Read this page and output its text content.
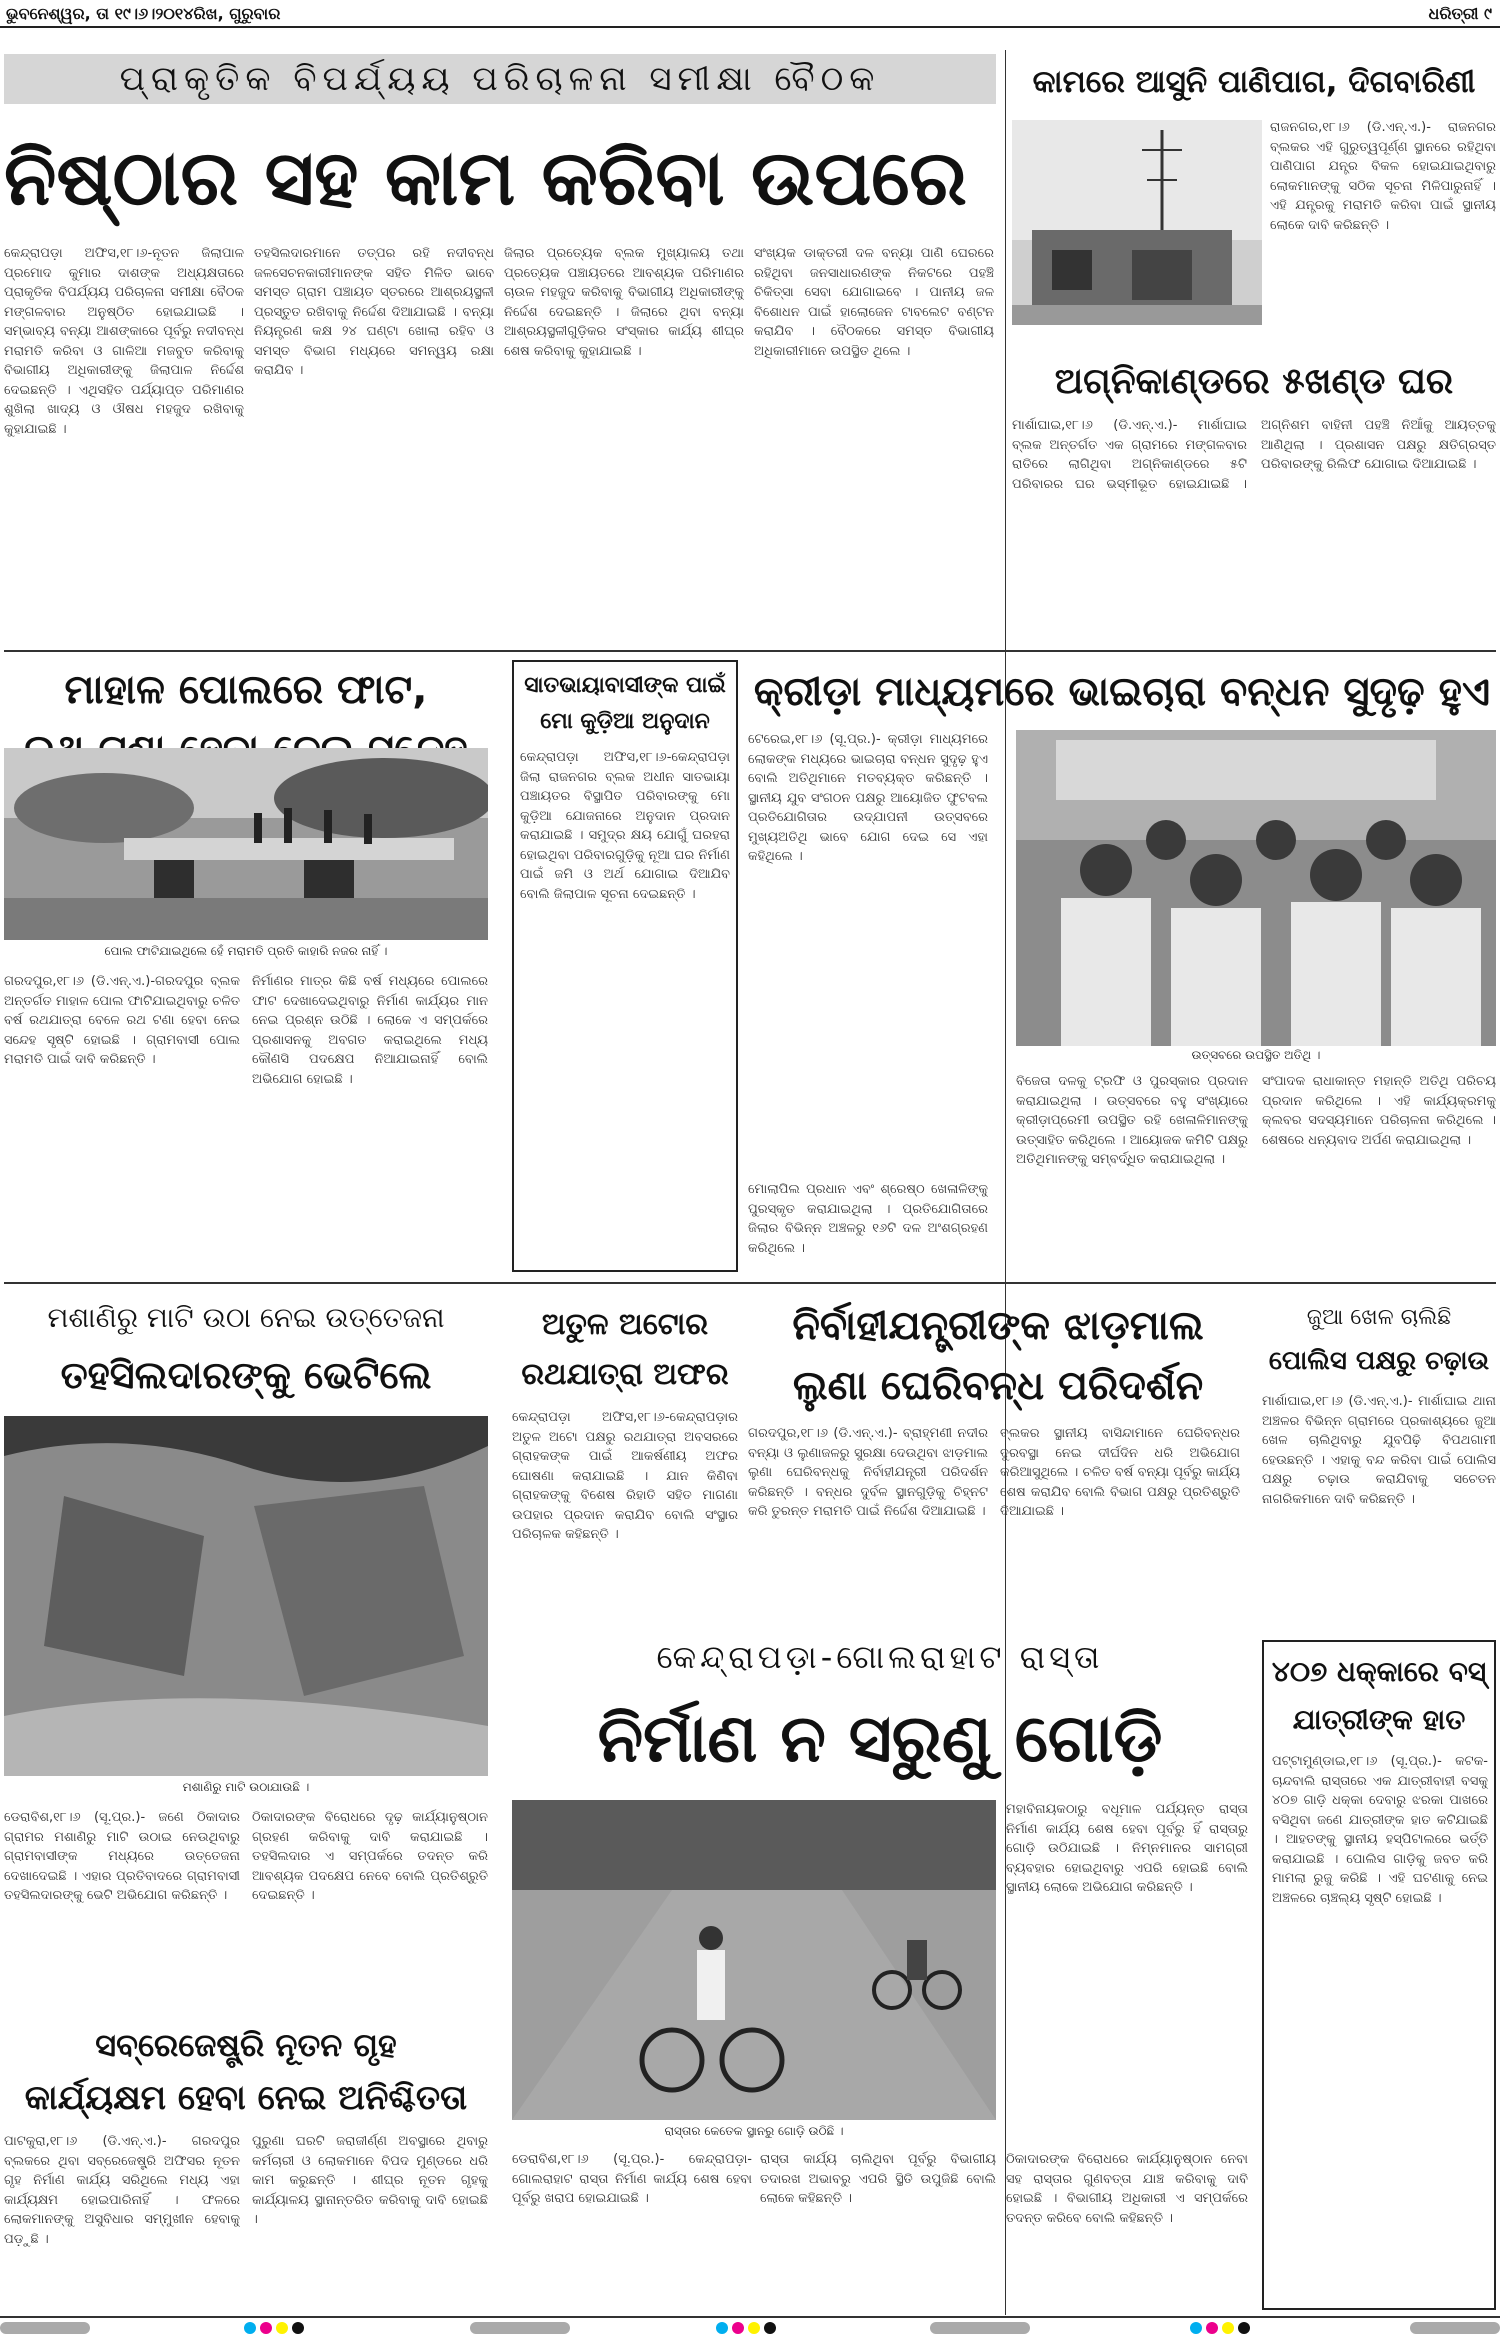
ଭୁବନେଶ୍ୱର, ତା ୧୯।୬।୨୦୧୪ରିଖ, ଗୁରୁବାର	ଧରିତ୍ରୀ ୯
ପ୍ରାକୃତିକ ବିପର୍ଯ୍ୟୟ ପରିଚାଳନା ସମୀକ୍ଷା ବୈଠକ
ନିଷ୍ଠାର ସହ କାମ କରିବା ଉପରେ
କେନ୍ଦ୍ରାପଡ଼ା ଅଫିସ,୧୮।୬-ନୂତନ ଜିଲାପାଳ ପ୍ରମୋଦ କୁମାର ଦାଶଙ୍କ ଅଧ୍ୟକ୍ଷତାରେ ପ୍ରାକୃତିକ ବିପର୍ଯ୍ୟୟ ପରିଚାଳନା ସମୀକ୍ଷା ବୈଠକ ମଙ୍ଗଳବାର ଅନୁଷ୍ଠିତ ହୋଇଯାଇଛି । ସମ୍ଭାବ୍ୟ ବନ୍ୟା ଆଶଙ୍କାରେ ପୂର୍ବରୁ ନଦୀବନ୍ଧ ମରାମତି କରିବା ଓ ଗାଳିଆ ମଜବୁତ କରିବାକୁ ବିଭାଗୀୟ ଅଧିକାରୀଙ୍କୁ ଜିଲାପାଳ ନିର୍ଦ୍ଦେଶ ଦେଇଛନ୍ତି । ଏଥିସହିତ ପର୍ଯ୍ୟାପ୍ତ ପରିମାଣର ଶୁଖିଲା ଖାଦ୍ୟ ଓ ଔଷଧ ମହଜୁଦ ରଖିବାକୁ କୁହାଯାଇଛି ।
ତହସିଲଦାରମାନେ ତତ୍ପର ରହି ନଦୀବନ୍ଧ ଜଳସେଚନକାରୀମାନଙ୍କ ସହିତ ମିଳିତ ଭାବେ ସମସ୍ତ ଗ୍ରାମ ପଞ୍ଚାୟତ ସ୍ତରରେ ଆଶ୍ରୟସ୍ଥଳୀ ପ୍ରସ୍ତୁତ ରଖିବାକୁ ନିର୍ଦ୍ଦେଶ ଦିଆଯାଇଛି । ବନ୍ୟା ନିୟନ୍ତ୍ରଣ କକ୍ଷ ୨୪ ଘଣ୍ଟା ଖୋଲା ରହିବ ଓ ସମସ୍ତ ବିଭାଗ ମଧ୍ୟରେ ସମନ୍ୱୟ ରକ୍ଷା କରାଯିବ ।
ଜିଲାର ପ୍ରତ୍ୟେକ ବ୍ଲକ ମୁଖ୍ୟାଳୟ ତଥା ପ୍ରତ୍ୟେକ ପଞ୍ଚାୟତରେ ଆବଶ୍ୟକ ପରିମାଣର ଚାଉଳ ମହଜୁଦ କରିବାକୁ ବିଭାଗୀୟ ଅଧିକାରୀଙ୍କୁ ନିର୍ଦ୍ଦେଶ ଦେଇଛନ୍ତି । ଜିଲାରେ ଥିବା ବନ୍ୟା ଆଶ୍ରୟସ୍ଥଳୀଗୁଡ଼ିକର ସଂସ୍କାର କାର୍ଯ୍ୟ ଶୀଘ୍ର ଶେଷ କରିବାକୁ କୁହାଯାଇଛି ।
ସଂଖ୍ୟକ ଡାକ୍ତରୀ ଦଳ ବନ୍ୟା ପାଣି ଘେରରେ ରହିଥିବା ଜନସାଧାରଣଙ୍କ ନିକଟରେ ପହଞ୍ଚି ଚିକିତ୍ସା ସେବା ଯୋଗାଇବେ । ପାନୀୟ ଜଳ ବିଶୋଧନ ପାଇଁ ହାଲୋଜେନ ଟାବଲେଟ ବଣ୍ଟନ କରାଯିବ । ବୈଠକରେ ସମସ୍ତ ବିଭାଗୀୟ ଅଧିକାରୀମାନେ ଉପସ୍ଥିତ ଥିଲେ ।
କାମରେ ଆସୁନି ପାଣିପାଗ, ଦିଗବାରିଣୀ
ରାଜନଗର,୧୮।୬ (ଡି.ଏନ୍.ଏ.)- ରାଜନଗର ବ୍ଲକର ଏହି ଗୁରୁତ୍ୱପୂର୍ଣ୍ଣ ସ୍ଥାନରେ ରହିଥିବା ପାଣିପାଗ ଯନ୍ତ୍ର ବିକଳ ହୋଇଯାଇଥିବାରୁ ଲୋକମାନଙ୍କୁ ସଠିକ ସୂଚନା ମିଳିପାରୁନାହିଁ । ଏହି ଯନ୍ତ୍ରକୁ ମରାମତି କରିବା ପାଇଁ ସ୍ଥାନୀୟ ଲୋକେ ଦାବି କରିଛନ୍ତି ।
ଅଗ୍ନିକାଣ୍ଡରେ ୫ଖଣ୍ଡ ଘର
ମାର୍ଶାଘାଇ,୧୮।୬ (ଡି.ଏନ୍.ଏ.)- ମାର୍ଶାଘାଇ ବ୍ଲକ ଅନ୍ତର୍ଗତ ଏକ ଗ୍ରାମରେ ମଙ୍ଗଳବାର ରାତିରେ ଲାଗିଥିବା ଅଗ୍ନିକାଣ୍ଡରେ ୫ଟି ପରିବାରର ଘର ଭସ୍ମୀଭୂତ ହୋଇଯାଇଛି । ଅଗ୍ନିଶମ ବାହିନୀ ପହଞ୍ଚି ନିଆଁକୁ ଆୟତ୍ତକୁ ଆଣିଥିଲା । ପ୍ରଶାସନ ପକ୍ଷରୁ କ୍ଷତିଗ୍ରସ୍ତ ପରିବାରଙ୍କୁ ରିଲିଫ ଯୋଗାଇ ଦିଆଯାଇଛି ।
ମାହାଳ ପୋଲରେ ଫାଟ,
ପୋଲ ଫାଟିଯାଇଥିଲେ ହେଁ ମରାମତି ପ୍ରତି କାହାରି ନଜର ନାହିଁ ।
ଗରଦପୁର,୧୮।୬ (ଡି.ଏନ୍.ଏ.)-ଗରଦପୁର ବ୍ଲକ ଅନ୍ତର୍ଗତ ମାହାଳ ପୋଲ ଫାଟିଯାଇଥିବାରୁ ଚଳିତ ବର୍ଷ ରଥଯାତ୍ରା ବେଳେ ରଥ ଟଣା ହେବା ନେଇ ସନ୍ଦେହ ସୃଷ୍ଟି ହୋଇଛି । ଗ୍ରାମବାସୀ ପୋଲ ମରାମତି ପାଇଁ ଦାବି କରିଛନ୍ତି ।
ନିର୍ମାଣର ମାତ୍ର କିଛି ବର୍ଷ ମଧ୍ୟରେ ପୋଲରେ ଫାଟ ଦେଖାଦେଇଥିବାରୁ ନିର୍ମାଣ କାର୍ଯ୍ୟର ମାନ ନେଇ ପ୍ରଶ୍ନ ଉଠିଛି । ଲୋକେ ଏ ସମ୍ପର୍କରେ ପ୍ରଶାସନକୁ ଅବଗତ କରାଇଥିଲେ ମଧ୍ୟ କୌଣସି ପଦକ୍ଷେପ ନିଆଯାଇନାହିଁ ବୋଲି ଅଭିଯୋଗ ହୋଇଛି ।
ସାତଭାୟାବାସୀଙ୍କ ପାଇଁ
ମୋ କୁଡ଼ିଆ ଅନୁଦାନ
କେନ୍ଦ୍ରାପଡ଼ା ଅଫିସ,୧୮।୬-କେନ୍ଦ୍ରାପଡ଼ା ଜିଲା ରାଜନଗର ବ୍ଲକ ଅଧୀନ ସାତଭାୟା ପଞ୍ଚାୟତର ବିସ୍ଥାପିତ ପରିବାରଙ୍କୁ ମୋ କୁଡ଼ିଆ ଯୋଜନାରେ ଅନୁଦାନ ପ୍ରଦାନ କରାଯାଇଛି । ସମୁଦ୍ର କ୍ଷୟ ଯୋଗୁଁ ଘରହରା ହୋଇଥିବା ପରିବାରଗୁଡ଼ିକୁ ନୂଆ ଘର ନିର୍ମାଣ ପାଇଁ ଜମି ଓ ଅର୍ଥ ଯୋଗାଇ ଦିଆଯିବ ବୋଲି ଜିଲାପାଳ ସୂଚନା ଦେଇଛନ୍ତି ।
କ୍ରୀଡ଼ା ମାଧ୍ୟମରେ ଭାଇଚାରା ବନ୍ଧନ ସୁଦୃଢ଼ ହୁଏ
ଟେରେଇ,୧୮।୬ (ସୂ.ପ୍ର.)- କ୍ରୀଡ଼ା ମାଧ୍ୟମରେ ଲୋକଙ୍କ ମଧ୍ୟରେ ଭାଇଚାରା ବନ୍ଧନ ସୁଦୃଢ଼ ହୁଏ ବୋଲି ଅତିଥିମାନେ ମତବ୍ୟକ୍ତ କରିଛନ୍ତି । ସ୍ଥାନୀୟ ଯୁବ ସଂଗଠନ ପକ୍ଷରୁ ଆୟୋଜିତ ଫୁଟବଲ ପ୍ରତିଯୋଗିତାର ଉଦ୍‌ଯାପନୀ ଉତ୍ସବରେ ମୁଖ୍ୟଅତିଥି ଭାବେ ଯୋଗ ଦେଇ ସେ ଏହା କହିଥିଲେ ।
ଉତ୍ସବରେ ଉପସ୍ଥିତ ଅତିଥି ।
ବିଜେତା ଦଳକୁ ଟ୍ରଫି ଓ ପୁରସ୍କାର ପ୍ରଦାନ କରାଯାଇଥିଲା । ଉତ୍ସବରେ ବହୁ ସଂଖ୍ୟାରେ କ୍ରୀଡ଼ାପ୍ରେମୀ ଉପସ୍ଥିତ ରହି ଖେଳାଳିମାନଙ୍କୁ ଉତ୍ସାହିତ କରିଥିଲେ । ଆୟୋଜକ କମିଟି ପକ୍ଷରୁ ଅତିଥିମାନଙ୍କୁ ସମ୍ବର୍ଦ୍ଧିତ କରାଯାଇଥିଲା ।
ସଂପାଦକ ରାଧାକାନ୍ତ ମହାନ୍ତି ଅତିଥି ପରିଚୟ ପ୍ରଦାନ କରିଥିଲେ । ଏହି କାର୍ଯ୍ୟକ୍ରମକୁ କ୍ଲବର ସଦସ୍ୟମାନେ ପରିଚାଳନା କରିଥିଲେ । ଶେଷରେ ଧନ୍ୟବାଦ ଅର୍ପଣ କରାଯାଇଥିଲା ।
ମୋଲାପିଲ ପ୍ରଧାନ ଏବଂ ଶ୍ରେଷ୍ଠ ଖେଳାଳିଙ୍କୁ ପୁରସ୍କୃତ କରାଯାଇଥିଲା । ପ୍ରତିଯୋଗିତାରେ ଜିଲାର ବିଭିନ୍ନ ଅଞ୍ଚଳରୁ ୧୬ଟି ଦଳ ଅଂଶଗ୍ରହଣ କରିଥିଲେ ।
ମଶାଣିରୁ ମାଟି ଉଠା ନେଇ ଉତ୍ତେଜନା
ତହସିଲଦାରଙ୍କୁ ଭେଟିଲେ
ମଶାଣିରୁ ମାଟି ଉଠାଯାଉଛି ।
ଡେରାବିଶ,୧୮।୬ (ସୂ.ପ୍ର.)- ଜଣେ ଠିକାଦାର ଗ୍ରାମର ମଶାଣିରୁ ମାଟି ଉଠାଇ ନେଉଥିବାରୁ ଗ୍ରାମବାସୀଙ୍କ ମଧ୍ୟରେ ଉତ୍ତେଜନା ଦେଖାଦେଇଛି । ଏହାର ପ୍ରତିବାଦରେ ଗ୍ରାମବାସୀ ତହସିଲଦାରଙ୍କୁ ଭେଟି ଅଭିଯୋଗ କରିଛନ୍ତି ।
ଠିକାଦାରଙ୍କ ବିରୋଧରେ ଦୃଢ଼ କାର୍ଯ୍ୟାନୁଷ୍ଠାନ ଗ୍ରହଣ କରିବାକୁ ଦାବି କରାଯାଇଛି । ତହସିଲଦାର ଏ ସମ୍ପର୍କରେ ତଦନ୍ତ କରି ଆବଶ୍ୟକ ପଦକ୍ଷେପ ନେବେ ବୋଲି ପ୍ରତିଶ୍ରୁତି ଦେଇଛନ୍ତି ।
ଅତୁଳ ଅଟୋର
ରଥଯାତ୍ରା ଅଫର
କେନ୍ଦ୍ରାପଡ଼ା ଅଫିସ,୧୮।୬-କେନ୍ଦ୍ରାପଡ଼ାର ଅତୁଳ ଅଟୋ ପକ୍ଷରୁ ରଥଯାତ୍ରା ଅବସରରେ ଗ୍ରାହକଙ୍କ ପାଇଁ ଆକର୍ଷଣୀୟ ଅଫର ଘୋଷଣା କରାଯାଇଛି । ଯାନ କିଣିବା ଗ୍ରାହକଙ୍କୁ ବିଶେଷ ରିହାତି ସହିତ ମାଗଣା ଉପହାର ପ୍ରଦାନ କରାଯିବ ବୋଲି ସଂସ୍ଥାର ପରିଚାଳକ କହିଛନ୍ତି ।
ନିର୍ବାହୀଯନ୍ତ୍ରୀଙ୍କ ଝାଡ଼ମାଲ
ଲୁଣା ଘେରିବନ୍ଧ ପରିଦର୍ଶନ
ଗରଦପୁର,୧୮।୬ (ଡି.ଏନ୍.ଏ.)- ବ୍ରାହ୍ମଣୀ ନଦୀର ବନ୍ୟା ଓ ଲୁଣାଜଳରୁ ସୁରକ୍ଷା ଦେଉଥିବା ଝାଡ଼ମାଲ ଲୁଣା ଘେରିବନ୍ଧକୁ ନିର୍ବାହୀଯନ୍ତ୍ରୀ ପରିଦର୍ଶନ କରିଛନ୍ତି । ବନ୍ଧର ଦୁର୍ବଳ ସ୍ଥାନଗୁଡ଼ିକୁ ଚିହ୍ନଟ କରି ତୁରନ୍ତ ମରାମତି ପାଇଁ ନିର୍ଦ୍ଦେଶ ଦିଆଯାଇଛି ।
ବ୍ଲକର ସ୍ଥାନୀୟ ବାସିନ୍ଦାମାନେ ଘେରିବନ୍ଧର ଦୁରବସ୍ଥା ନେଇ ଦୀର୍ଘଦିନ ଧରି ଅଭିଯୋଗ କରିଆସୁଥିଲେ । ଚଳିତ ବର୍ଷ ବନ୍ୟା ପୂର୍ବରୁ କାର୍ଯ୍ୟ ଶେଷ କରାଯିବ ବୋଲି ବିଭାଗ ପକ୍ଷରୁ ପ୍ରତିଶ୍ରୁତି ଦିଆଯାଇଛି ।
ଜୁଆ ଖେଳ ଚାଲିଛି
ପୋଲିସ ପକ୍ଷରୁ ଚଢ଼ାଉ
ମାର୍ଶାଘାଇ,୧୮।୬ (ଡି.ଏନ୍.ଏ.)- ମାର୍ଶାଘାଇ ଥାନା ଅଞ୍ଚଳର ବିଭିନ୍ନ ଗ୍ରାମରେ ପ୍ରକାଶ୍ୟରେ ଜୁଆ ଖେଳ ଚାଲିଥିବାରୁ ଯୁବପିଢ଼ି ବିପଥଗାମୀ ହେଉଛନ୍ତି । ଏହାକୁ ବନ୍ଦ କରିବା ପାଇଁ ପୋଲିସ ପକ୍ଷରୁ ଚଢ଼ାଉ କରାଯିବାକୁ ସଚେତନ ନାଗରିକମାନେ ଦାବି କରିଛନ୍ତି ।
କେନ୍ଦ୍ରାପଡ଼ା-ଗୋଲରାହାଟ ରାସ୍ତା
ନିର୍ମାଣ ନ ସରୁଣୁ ଗୋଡ଼ି
ରାସ୍ତାର କେତେକ ସ୍ଥାନରୁ ଗୋଡ଼ି ଉଠିଛି ।
ମହାବିନାୟକଠାରୁ ବଧୂମାଳ ପର୍ଯ୍ୟନ୍ତ ରାସ୍ତା ନିର୍ମାଣ କାର୍ଯ୍ୟ ଶେଷ ହେବା ପୂର୍ବରୁ ହିଁ ରାସ୍ତାରୁ ଗୋଡ଼ି ଉଠିଯାଇଛି । ନିମ୍ନମାନର ସାମଗ୍ରୀ ବ୍ୟବହାର ହୋଇଥିବାରୁ ଏପରି ହୋଇଛି ବୋଲି ସ୍ଥାନୀୟ ଲୋକେ ଅଭିଯୋଗ କରିଛନ୍ତି ।
ଡେରାବିଶ,୧୮।୬ (ସୂ.ପ୍ର.)- କେନ୍ଦ୍ରାପଡ଼ା-ଗୋଲରାହାଟ ରାସ୍ତା ନିର୍ମାଣ କାର୍ଯ୍ୟ ଶେଷ ହେବା ପୂର୍ବରୁ ଖରାପ ହୋଇଯାଇଛି ।
ରାସ୍ତା କାର୍ଯ୍ୟ ଚାଲିଥିବା ପୂର୍ବରୁ ବିଭାଗୀୟ ତଦାରଖ ଅଭାବରୁ ଏପରି ସ୍ଥିତି ଉପୁଜିଛି ବୋଲି ଲୋକେ କହିଛନ୍ତି ।
ଠିକାଦାରଙ୍କ ବିରୋଧରେ କାର୍ଯ୍ୟାନୁଷ୍ଠାନ ନେବା ସହ ରାସ୍ତାର ଗୁଣବତ୍ତା ଯାଞ୍ଚ କରିବାକୁ ଦାବି ହୋଇଛି । ବିଭାଗୀୟ ଅଧିକାରୀ ଏ ସମ୍ପର୍କରେ ତଦନ୍ତ କରିବେ ବୋଲି କହିଛନ୍ତି ।
ସବ୍‌ରେଜେଷ୍ଟ୍ରି ନୂତନ ଗୃହ
କାର୍ଯ୍ୟକ୍ଷମ ହେବା ନେଇ ଅନିଶ୍ଚିତତା
ପାଟକୁରା,୧୮।୬ (ଡି.ଏନ୍.ଏ.)- ଗରଦପୁର ବ୍ଲକରେ ଥିବା ସବ୍‌ରେଜେଷ୍ଟ୍ରି ଅଫିସର ନୂତନ ଗୃହ ନିର୍ମାଣ କାର୍ଯ୍ୟ ସରିଥିଲେ ମଧ୍ୟ ଏହା କାର୍ଯ୍ୟକ୍ଷମ ହୋଇପାରିନାହିଁ । ଫଳରେ ଲୋକମାନଙ୍କୁ ଅସୁବିଧାର ସମ୍ମୁଖୀନ ହେବାକୁ ପଡ଼ୁଛି ।
ପୁରୁଣା ଘରଟି ଜରାଜୀର୍ଣ୍ଣ ଅବସ୍ଥାରେ ଥିବାରୁ କର୍ମଚାରୀ ଓ ଲୋକମାନେ ବିପଦ ମୁଣ୍ଡରେ ଧରି କାମ କରୁଛନ୍ତି । ଶୀଘ୍ର ନୂତନ ଗୃହକୁ କାର୍ଯ୍ୟାଳୟ ସ୍ଥାନାନ୍ତରିତ କରିବାକୁ ଦାବି ହୋଇଛି ।
୪୦୭ ଧକ୍କାରେ ବସ୍
ଯାତ୍ରୀଙ୍କ ହାତ
ପଟ୍ଟାମୁଣ୍ଡାଇ,୧୮।୬ (ସୂ.ପ୍ର.)- କଟକ-ଚାନ୍ଦବାଲି ରାସ୍ତାରେ ଏକ ଯାତ୍ରୀବାହୀ ବସକୁ ୪୦୭ ଗାଡ଼ି ଧକ୍କା ଦେବାରୁ ଝରକା ପାଖରେ ବସିଥିବା ଜଣେ ଯାତ୍ରୀଙ୍କ ହାତ କଟିଯାଇଛି । ଆହତଙ୍କୁ ସ୍ଥାନୀୟ ହସ୍ପିଟାଲରେ ଭର୍ତ୍ତି କରାଯାଇଛି । ପୋଲିସ ଗାଡ଼ିକୁ ଜବତ କରି ମାମଲା ରୁଜୁ କରିଛି । ଏହି ଘଟଣାକୁ ନେଇ ଅଞ୍ଚଳରେ ଚାଞ୍ଚଲ୍ୟ ସୃଷ୍ଟି ହୋଇଛି ।
